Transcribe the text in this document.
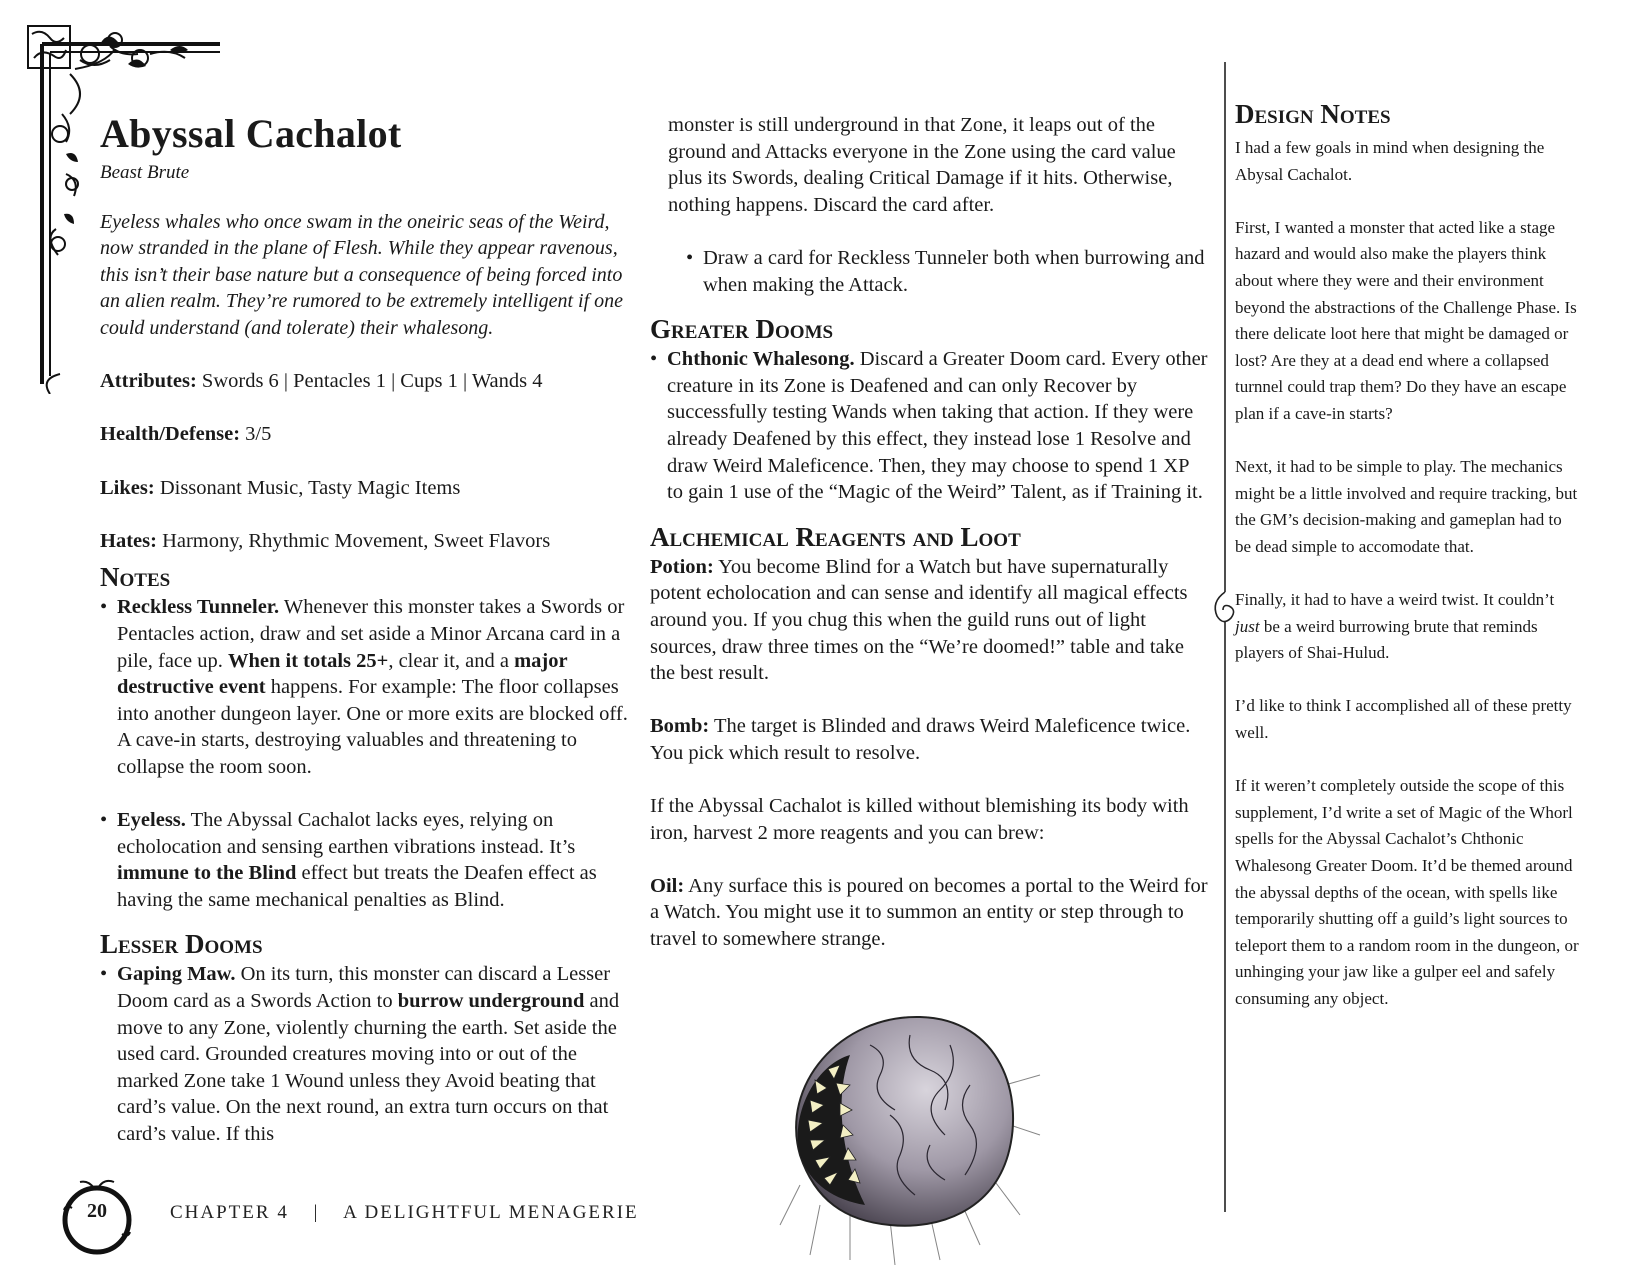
Abyssal Cachalot

Beast Brute

Eyeless whales who once swam in the oneiric seas of the Weird, now stranded in the plane of Flesh. While they appear ravenous, this isn’t their base nature but a consequence of being forced into an alien realm. They’re rumored to be extremely intelligent if one could understand (and tolerate) their whalesong.

Attributes: Swords 6 | Pentacles 1 | Cups 1 | Wands 4

Health/Defense: 3/5

Likes: Dissonant Music, Tasty Magic Items

Hates: Harmony, Rhythmic Movement, Sweet Flavors

Notes
• Reckless Tunneler. Whenever this monster takes a Swords or Pentacles action, draw and set aside a Minor Arcana card in a pile, face up. When it totals 25+, clear it, and a major destructive event happens. For example: The floor collapses into another dungeon layer. One or more exits are blocked off. A cave-in starts, destroying valuables and threatening to collapse the room soon.
• Eyeless. The Abyssal Cachalot lacks eyes, relying on echolocation and sensing earthen vibrations instead. It’s immune to the Blind effect but treats the Deafen effect as having the same mechanical penalties as Blind.
Lesser Dooms
• Gaping Maw. On its turn, this monster can discard a Lesser Doom card as a Swords Action to burrow underground and move to any Zone, violently churning the earth. Set aside the used card. Grounded creatures moving into or out of the marked Zone take 1 Wound unless they Avoid beating that card’s value. On the next round, an extra turn occurs on that card’s value. If this

monster is still underground in that Zone, it leaps out of the ground and Attacks everyone in the Zone using the card value plus its Swords, dealing Critical Damage if it hits. Otherwise, nothing happens. Discard the card after.

• Draw a card for Reckless Tunneler both when burrowing and when making the Attack.
Greater Dooms
• Chthonic Whalesong. Discard a Greater Doom card. Every other creature in its Zone is Deafened and can only Recover by successfully testing Wands when taking that action. If they were already Deafened by this effect, they instead lose 1 Resolve and draw Weird Maleficence. Then, they may choose to spend 1 XP to gain 1 use of the “Magic of the Weird” Talent, as if Training it.
Alchemical Reagents and Loot

Potion: You become Blind for a Watch but have supernaturally potent echolocation and can sense and identify all magical effects around you. If you chug this when the guild runs out of light sources, draw three times on the “We’re doomed!” table and take the best result.

Bomb: The target is Blinded and draws Weird Maleficence twice. You pick which result to resolve.

If the Abyssal Cachalot is killed without blemishing its body with iron, harvest 2 more reagents and you can brew:

Oil: Any surface this is poured on becomes a portal to the Weird for a Watch. You might use it to summon an entity or step through to travel to somewhere strange.

Design Notes

I had a few goals in mind when designing the Abysal Cachalot.

First, I wanted a monster that acted like a stage hazard and would also make the players think about where they were and their environment beyond the abstractions of the Challenge Phase. Is there delicate loot here that might be damaged or lost? Are they at a dead end where a collapsed turnnel could trap them? Do they have an escape plan if a cave-in starts?

Next, it had to be simple to play. The mechanics might be a little involved and require tracking, but the GM’s decision-making and gameplan had to be dead simple to accomodate that.

Finally, it had to have a weird twist. It couldn’t just be a weird burrowing brute that reminds players of Shai-Hulud.

I’d like to think I accomplished all of these pretty well.

If it weren’t completely outside the scope of this supplement, I’d write a set of Magic of the Whorl spells for the Abyssal Cachalot’s Chthonic Whalesong Greater Doom. It’d be themed around the abyssal depths of the ocean, with spells like temporarily shutting off a guild’s light sources to teleport them to a random room in the dungeon, or unhinging your jaw like a gulper eel and safely consuming any object.

20	CHAPTER 4 | A DELIGHTFUL MENAGERIE
